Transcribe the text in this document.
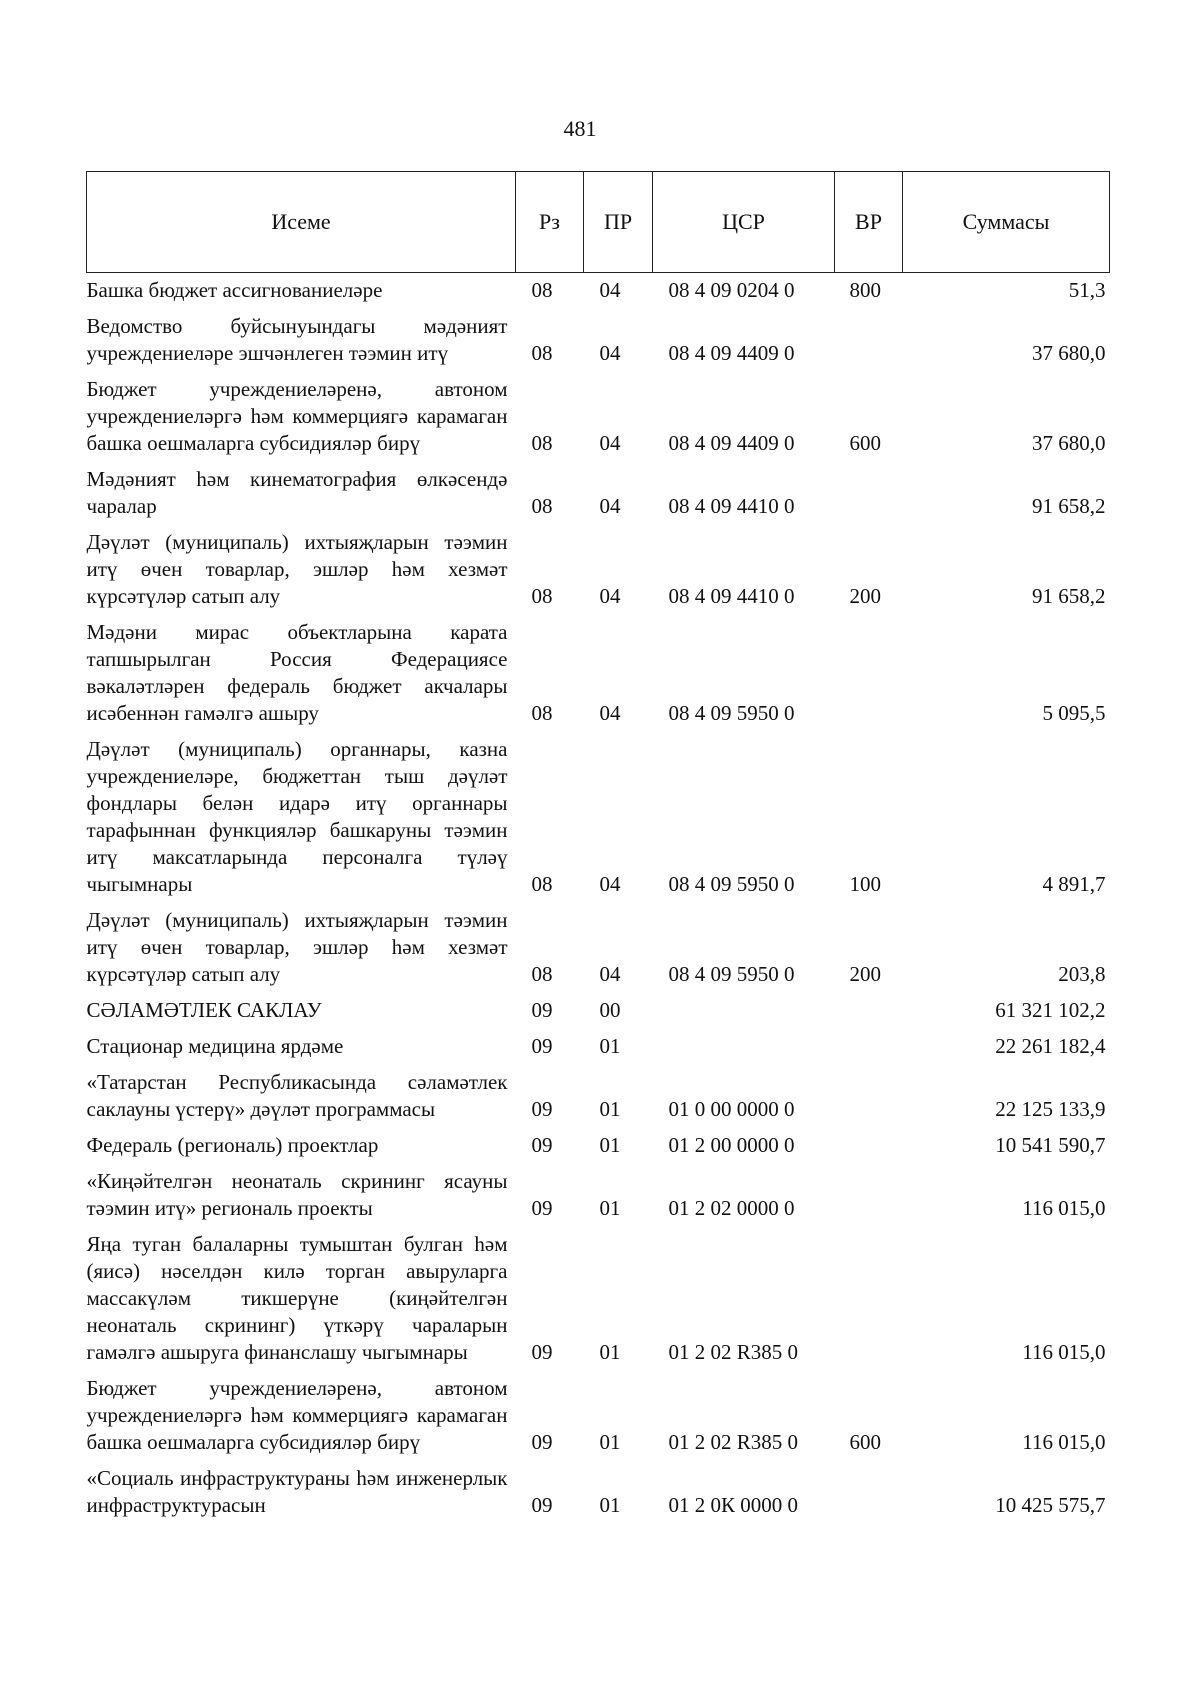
481
Исеме	Рз	ПР	ЦСР	ВР	Суммасы
Башка бюджет ассигнованиеләре	08	04	08 4 09 0204 0	800	51,3
Ведомство буйсынуындагы мәдәният учреждениеләре эшчәнлеген тәэмин итү	08	04	08 4 09 4409 0		37 680,0
Бюджет учреждениеләренә, автоном учреждениеләргә һәм коммерциягә карамаган башка оешмаларга субсидияләр бирү	08	04	08 4 09 4409 0	600	37 680,0
Мәдәният һәм кинематография өлкәсендә чаралар	08	04	08 4 09 4410 0		91 658,2
Дәүләт (муниципаль) ихтыяҗларын тәэмин итү өчен товарлар, эшләр һәм хезмәт күрсәтүләр сатып алу	08	04	08 4 09 4410 0	200	91 658,2
Мәдәни мирас объектларына карата тапшырылган Россия Федерациясе вәкаләтләрен федераль бюджет акчалары исәбеннән гамәлгә ашыру	08	04	08 4 09 5950 0		5 095,5
Дәүләт (муниципаль) органнары, казна учреждениеләре, бюджеттан тыш дәүләт фондлары белән идарә итү органнары тарафыннан функцияләр башкаруны тәэмин итү максатларында персоналга түләү чыгымнары	08	04	08 4 09 5950 0	100	4 891,7
Дәүләт (муниципаль) ихтыяҗларын тәэмин итү өчен товарлар, эшләр һәм хезмәт күрсәтүләр сатып алу	08	04	08 4 09 5950 0	200	203,8
СӘЛАМӘТЛЕК САКЛАУ	09	00			61 321 102,2
Стационар медицина ярдәме	09	01			22 261 182,4
«Татарстан Республикасында сәламәтлек саклауны үстерү» дәүләт программасы	09	01	01 0 00 0000 0		22 125 133,9
Федераль (региональ) проектлар	09	01	01 2 00 0000 0		10 541 590,7
«Киңәйтелгән неонаталь скрининг ясауны тәэмин итү» региональ проекты	09	01	01 2 02 0000 0		116 015,0
Яңа туган балаларны тумыштан булган һәм (яисә) нәселдән килә торган авыруларга массакүләм тикшерүне (киңәйтелгән неонаталь скрининг) үткәрү чараларын гамәлгә ашыруга финанслашу чыгымнары	09	01	01 2 02 R385 0		116 015,0
Бюджет учреждениеләренә, автоном учреждениеләргә һәм коммерциягә карамаган башка оешмаларга субсидияләр бирү	09	01	01 2 02 R385 0	600	116 015,0
«Социаль инфраструктураны һәм инженерлык инфраструктурасын	09	01	01 2 0К 0000 0		10 425 575,7
